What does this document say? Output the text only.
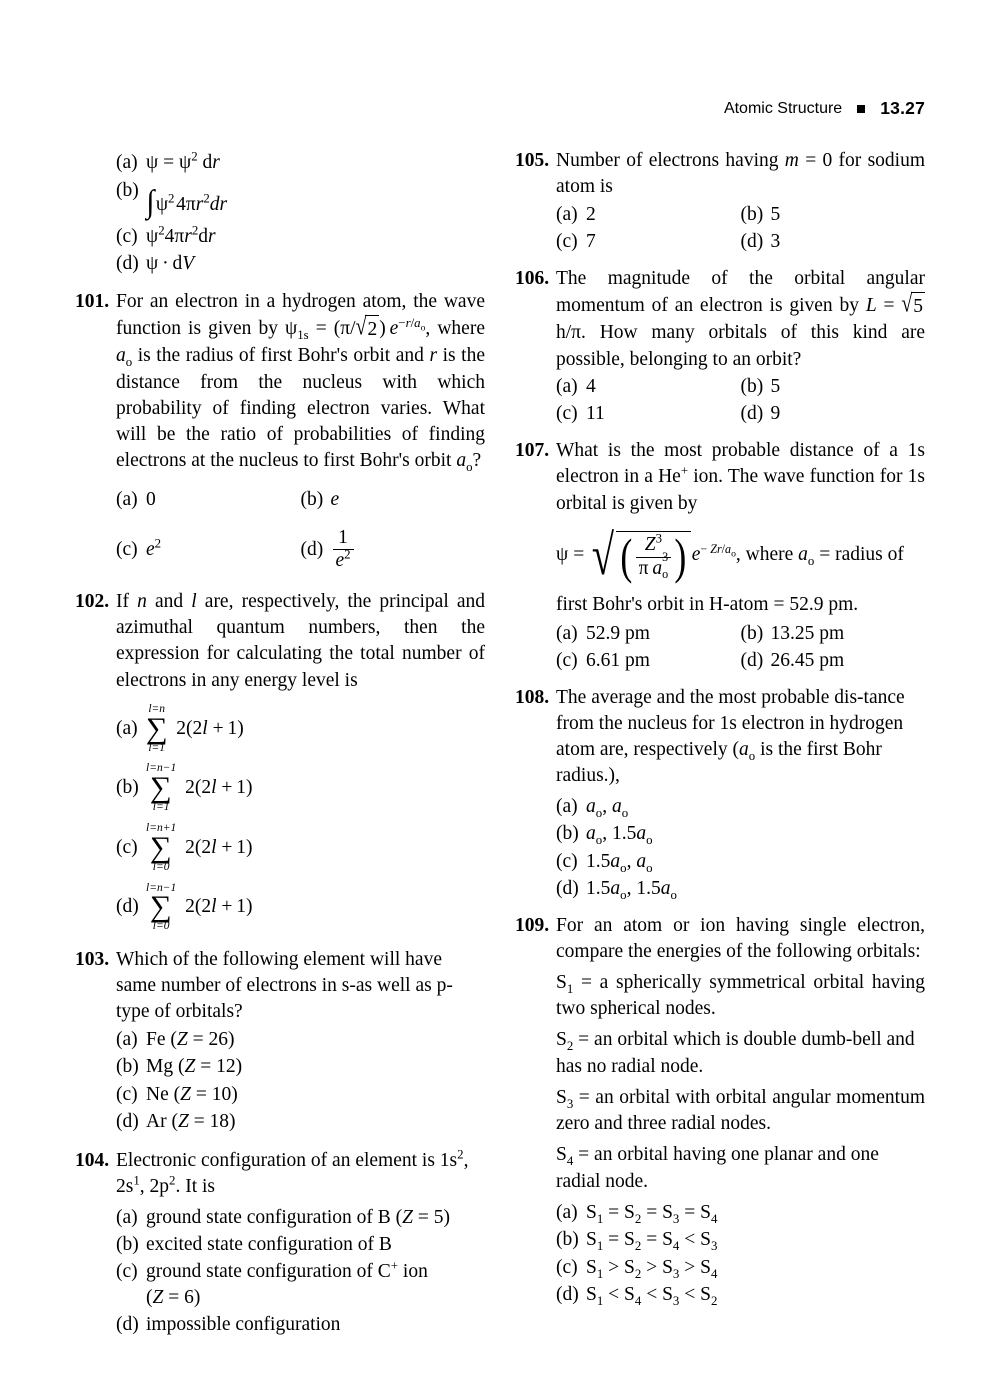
Atomic Structure 13.27
(a) $\psi = \psi^2$ dr
(b) $\int\psi^2$ $4\pi r^2dr$
(c) $\psi^24\pi r^2dr$
(d) ψ · dV
101. For an electron in a hydrogen atom, the wave function is given by $\psi_{1s} = (\pi/$ √ 2 ) $e^{-r/a_o}$, where $a_o$ is the radius of first Bohr's orbit and r is the distance from the nucleus with which probability of finding electron varies. What will be the ratio of probabilities of finding electrons at the nucleus to first Bohr's orbit $a_o$?
(a) 0	(b) e
(c) $e^2$	$(d) \frac{1}{e^2}$
102. If n and l are, respectively, the principal and azimuthal quantum numbers, then the expression for calculating the total number of electrons in any energy level is
(a)
l=n
∑
l=1
2(2l + 1)
(b)
l=n−1
∑
l=1
2(2l + 1)
(c)
l=n+1
∑
l=0
2(2l + 1)
(d)
l=n−1
∑
l=0
2(2l + 1)
103. Which of the following element will have same number of electrons in s-as well as p-type of orbitals?
(a) Fe (Z = 26)
(b) Mg (Z = 12)
(c) Ne (Z = 10)
(d) Ar (Z = 18)
104. Electronic configuration of an element is $1s^2$, $2s^1$, $2p^2$. It is
(a) ground state configuration of B (Z = 5)
(b) excited state configuration of B
(c) ground state configuration of C+ ion
(Z = 6)
(d) impossible configuration
105. Number of electrons having m = 0 for sodium atom is
(a) 2	(b) 5
(c) 7	(d) 3
106. The magnitude of the orbital angular momentum of an electron is given by L = √ 5
h/π. How many orbitals of this kind are possible, belonging to an orbit?
(a) 4	(b) 5
(c) 11	(d) 9
107. What is the most probable distance of a 1s electron in a He+ ion. The wave function for 1s orbital is given by
ψ = √ ( $Z^3$
π  a
3
o ) $e^{- Zr/a_o}$ , where $a_o$ = radius of
first Bohr's orbit in H-atom = 52.9 pm.
(a) 52.9 pm	(b) 13.25 pm
(c) 6.61 pm	(d) 26.45 pm
108. The average and the most probable dis-tance from the nucleus for 1s electron in hydrogen atom are, respectively ($a_o$ is the first Bohr radius.),
(a) $a_o$, $a_o$
(b) $a_o$, $1.5a_o$
(c) $1.5a_o$, $a_o$
(d) $1.5a_o$, $1.5a_o$
109. For an atom or ion having single electron, compare the energies of the following orbitals:
$S_1 = a$ spherically symmetrical orbital having two spherical nodes.
$S_2$ = an orbital which is double dumb-bell and has no radial node.
$S_3$ = an orbital with orbital angular momentum zero and three radial nodes.
$S_4$ = an orbital having one planar and one radial node.
(a) $S_1 = S_2 = S_3 = S_4$
(b) $S_1 = S_2 = S_4 < S_3$
(c) $S_1 > S_2 > S_3 > S_4$
(d) $S_1 < S_4 < S_3 < S_2$
